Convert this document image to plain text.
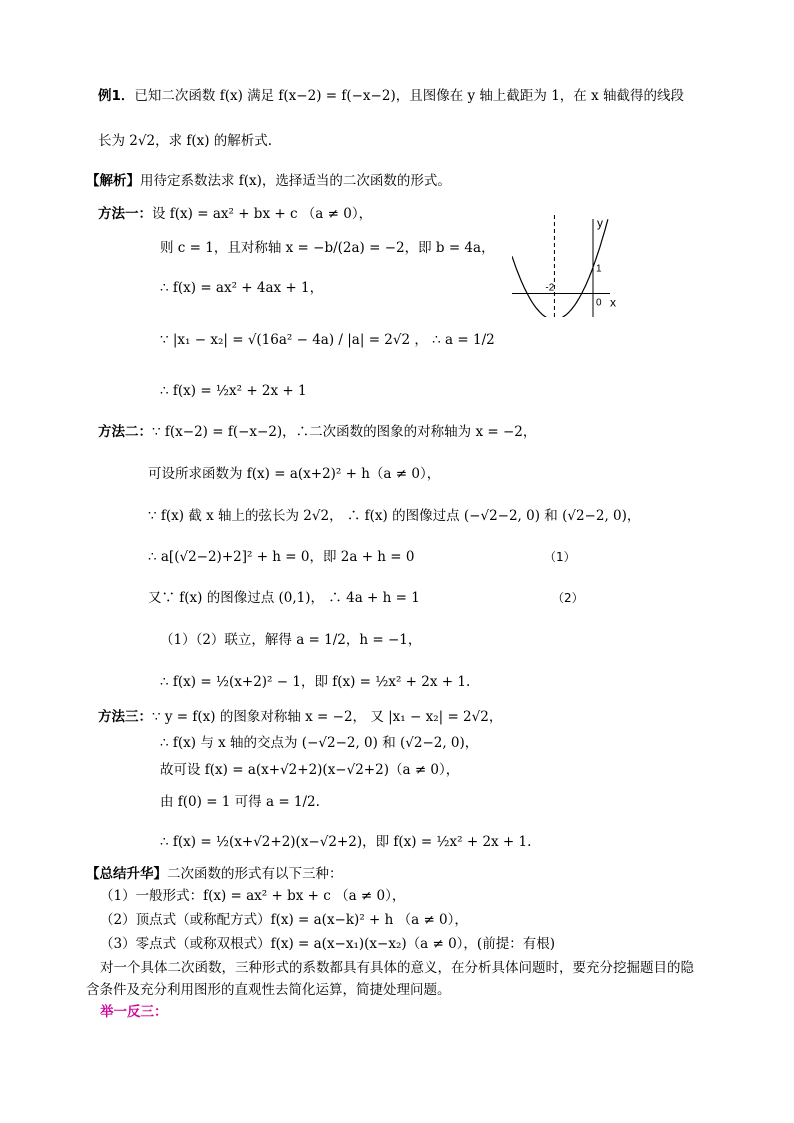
例1．已知二次函数 f(x) 满足 f(x−2) = f(−x−2)，且图像在 y 轴上截距为 1，在 x 轴截得的线段
长为 2√2，求 f(x) 的解析式.
【解析】用待定系数法求 f(x)，选择适当的二次函数的形式。
方法一：设 f(x) = ax² + bx + c （a ≠ 0），
则 c = 1，且对称轴 x = −b/(2a) = −2，即 b = 4a，
∴ f(x) = ax² + 4ax + 1，
∵ |x₁ − x₂| = √(16a² − 4a) / |a| = 2√2 ， ∴ a = 1/2
∴ f(x) = ½x² + 2x + 1
y
x
-2
1
0
方法二：∵ f(x−2) = f(−x−2)，∴二次函数的图象的对称轴为 x = −2，
可设所求函数为 f(x) = a(x+2)² + h（a ≠ 0），
∵ f(x) 截 x 轴上的弦长为 2√2， ∴ f(x) 的图像过点 (−√2−2, 0) 和 (√2−2, 0)，
∴ a[(√2−2)+2]² + h = 0，即 2a + h = 0	（1）
又∵ f(x) 的图像过点 (0,1)， ∴ 4a + h = 1	（2）
（1）（2）联立，解得 a = 1/2，h = −1，
∴ f(x) = ½(x+2)² − 1，即 f(x) = ½x² + 2x + 1.
方法三：∵ y = f(x) 的图象对称轴 x = −2， 又 |x₁ − x₂| = 2√2，
∴ f(x) 与 x 轴的交点为 (−√2−2, 0) 和 (√2−2, 0)，
故可设 f(x) = a(x+√2+2)(x−√2+2)（a ≠ 0），
由 f(0) = 1 可得 a = 1/2.
∴ f(x) = ½(x+√2+2)(x−√2+2)，即 f(x) = ½x² + 2x + 1.
【总结升华】二次函数的形式有以下三种：
（1）一般形式：f(x) = ax² + bx + c （a ≠ 0），
（2）顶点式（或称配方式）f(x) = a(x−k)² + h （a ≠ 0），
（3）零点式（或称双根式）f(x) = a(x−x₁)(x−x₂)（a ≠ 0），(前提：有根)
对一个具体二次函数，三种形式的系数都具有具体的意义，在分析具体问题时，要充分挖掘题目的隐
含条件及充分利用图形的直观性去简化运算，简捷处理问题。
举一反三：
